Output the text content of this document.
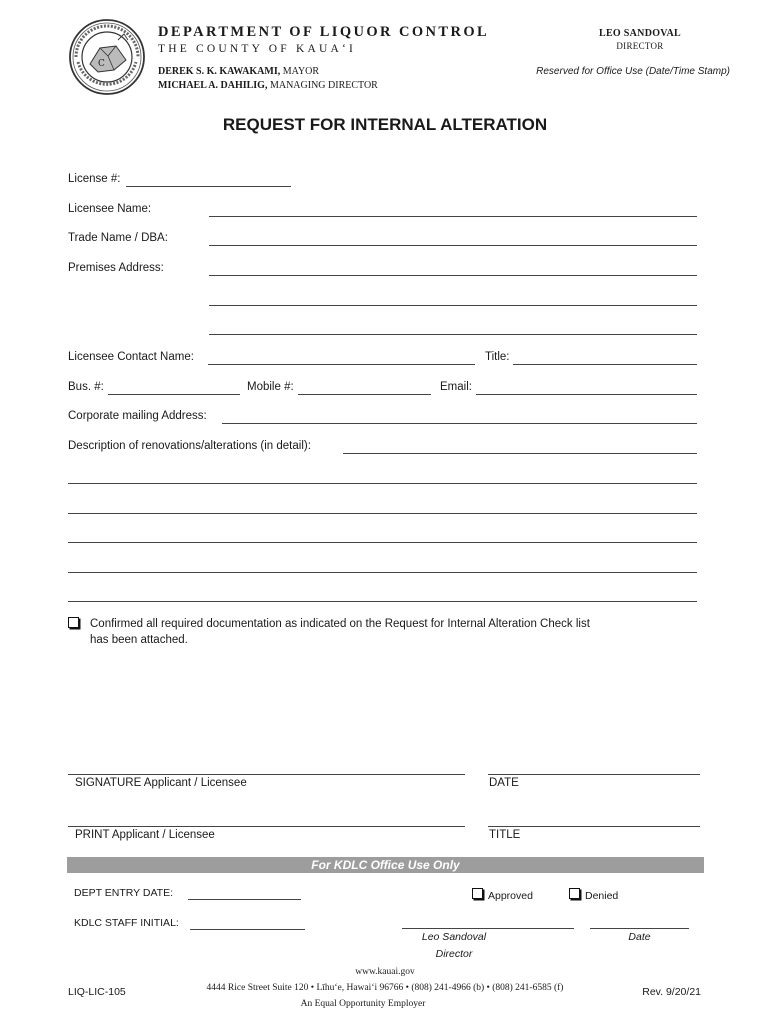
C
DEPARTMENT OF LIQUOR CONTROL
THE COUNTY OF KAUA‘I
DEREK S. K. KAWAKAMI, MAYOR
MICHAEL A. DAHILIG, MANAGING DIRECTOR
LEO SANDOVAL
DIRECTOR
Reserved for Office Use (Date/Time Stamp)
REQUEST FOR INTERNAL ALTERATION
License #:
Licensee Name:
Trade Name / DBA:
Premises Address:
Licensee Contact Name:	Title:
Bus. #:	Mobile #:	Email:
Corporate mailing Address:
Description of renovations/alterations (in detail):
Confirmed all required documentation as indicated on the Request for Internal Alteration Check list
has been attached.
SIGNATURE Applicant / Licensee	DATE
PRINT Applicant / Licensee	TITLE
For KDLC Office Use Only
DEPT ENTRY DATE:	Approved	Denied
KDLC STAFF INITIAL:
Leo Sandoval
Director
Date
LIQ-LIC-105
www.kauai.gov
4444 Rice Street Suite 120 • Līhu‘e, Hawai‘i 96766 • (808) 241-4966 (b) • (808) 241-6585 (f)
An Equal Opportunity Employer
Rev. 9/20/21
